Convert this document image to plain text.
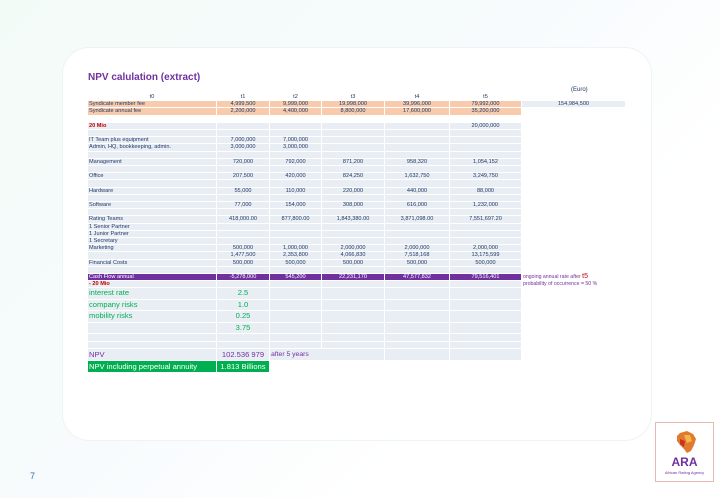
NPV calulation (extract)
(Euro)
t0	t1	t2	t3	t4	t5	
Syndicate member fee	4,999,500	9,999,000	19,998,000	39,996,000	79,992,000	154,984,500
Syndicate annual fee	2,200,000	4,400,000	8,800,000	17,600,000	35,200,000	

20 Mio					20,000,000	

IT Team plus equipment	7,000,000	7,000,000				
Admin, HQ, bookkeeping, admin.	3,000,000	3,000,000				

Management	720,000	792,000	871,200	958,320	1,054,152	

Office	207,500	420,000	824,250	1,632,750	3,249,750	

Hardware	55,000	110,000	220,000	440,000	88,000	

Software	77,000	154,000	308,000	616,000	1,232,000	

Rating Teams	418,000.00	877,800.00	1,843,380.00	3,871,098.00	7,551,697.20	
1 Senior Partner						
1 Junior Partner						
1 Secretary						
Marketing	500,000	1,000,000	2,000,000	2,000,000	2,000,000	
	1,477,500	2,353,800	4,066,830	7,518,168	13,175,599	
Financial Costs	500,000	500,000	500,000	500,000	500,000	

Cash Flow annual	-5,278,000	545,200	22,231,170	47,577,832	79,516,401	ongoing annual rate after t5
- 20 Mio						probability of occurrence = 50 %
interest rate	2.5					
company risks	1.0					
mobility risks	0.25					
	3.75					

NPV	102.536 979	after 5 years				
NPV including perpetual annuity	1.813 Billions					
7
ARA
African Rating Agency
